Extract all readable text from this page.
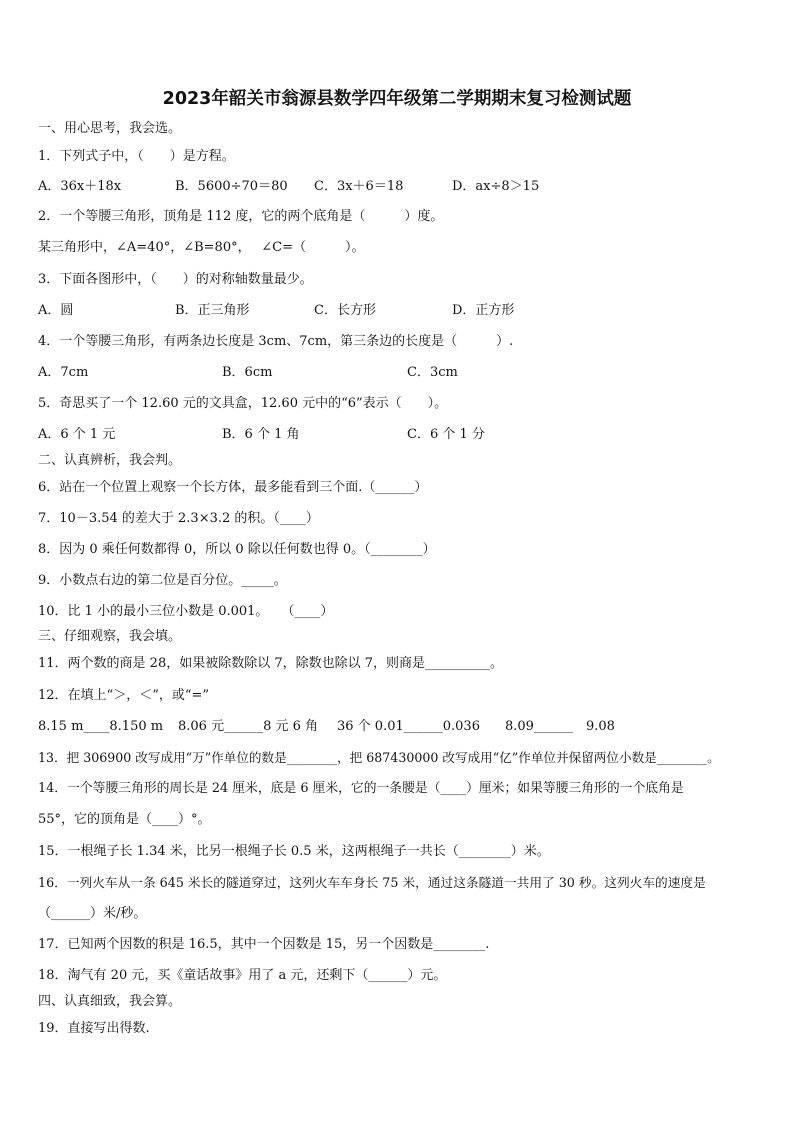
2023年韶关市翁源县数学四年级第二学期期末复习检测试题
一、用心思考，我会选。
1．下列式子中，（　　）是方程。
A．36x＋18x	B．5600÷70＝80 C．3x＋6＝18	D．ax÷8＞15
2．一个等腰三角形，顶角是 112 度，它的两个底角是（　　　）度。
某三角形中，∠A=40°，∠B=80°，　 ∠C=（　　　）。
3．下面各图形中，（　　）的对称轴数量最少。
A．圆	B．正三角形	C．长方形	D．正方形
4．一个等腰三角形，有两条边长度是 3cm、7cm，第三条边的长度是（　　　）.
A．7cm	B．6cm	C．3cm
5．奇思买了一个 12.60 元的文具盒，12.60 元中的“6”表示（　　）。
A．6 个 1 元	B．6 个 1 角	C．6 个 1 分
二、认真辨析，我会判。
6．站在一个位置上观察一个长方体，最多能看到三个面.（______）
7．10－3.54 的差大于 2.3×3.2 的积。（____）
8．因为 0 乘任何数都得 0，所以 0 除以任何数也得 0。（________）
9．小数点右边的第二位是百分位。_____。
10．比 1 小的最小三位小数是 0.001。　　（____）
三、仔细观察，我会填。
11．两个数的商是 28，如果被除数除以 7，除数也除以 7，则商是__________。
12．在填上“＞，＜”，或“=”
8.15 m____8.150 m 8.06 元______8 元 6 角 36 个 0.01______0.036 8.09______　9.08
13．把 306900 改写成用“万”作单位的数是________，把 687430000 改写成用“亿”作单位并保留两位小数是________。
14．一个等腰三角形的周长是 24 厘米，底是 6 厘米，它的一条腰是（____）厘米；如果等腰三角形的一个底角是
55°，它的顶角是（____）°。
15．一根绳子长 1.34 米，比另一根绳子长 0.5 米，这两根绳子一共长（________）米。
16．一列火车从一条 645 米长的隧道穿过，这列火车车身长 75 米，通过这条隧道一共用了 30 秒。这列火车的速度是
（______）米/秒。
17．已知两个因数的积是 16.5，其中一个因数是 15，另一个因数是________.
18．淘气有 20 元，买《童话故事》用了 a 元，还剩下（______）元。
四、认真细致，我会算。
19．直接写出得数.
